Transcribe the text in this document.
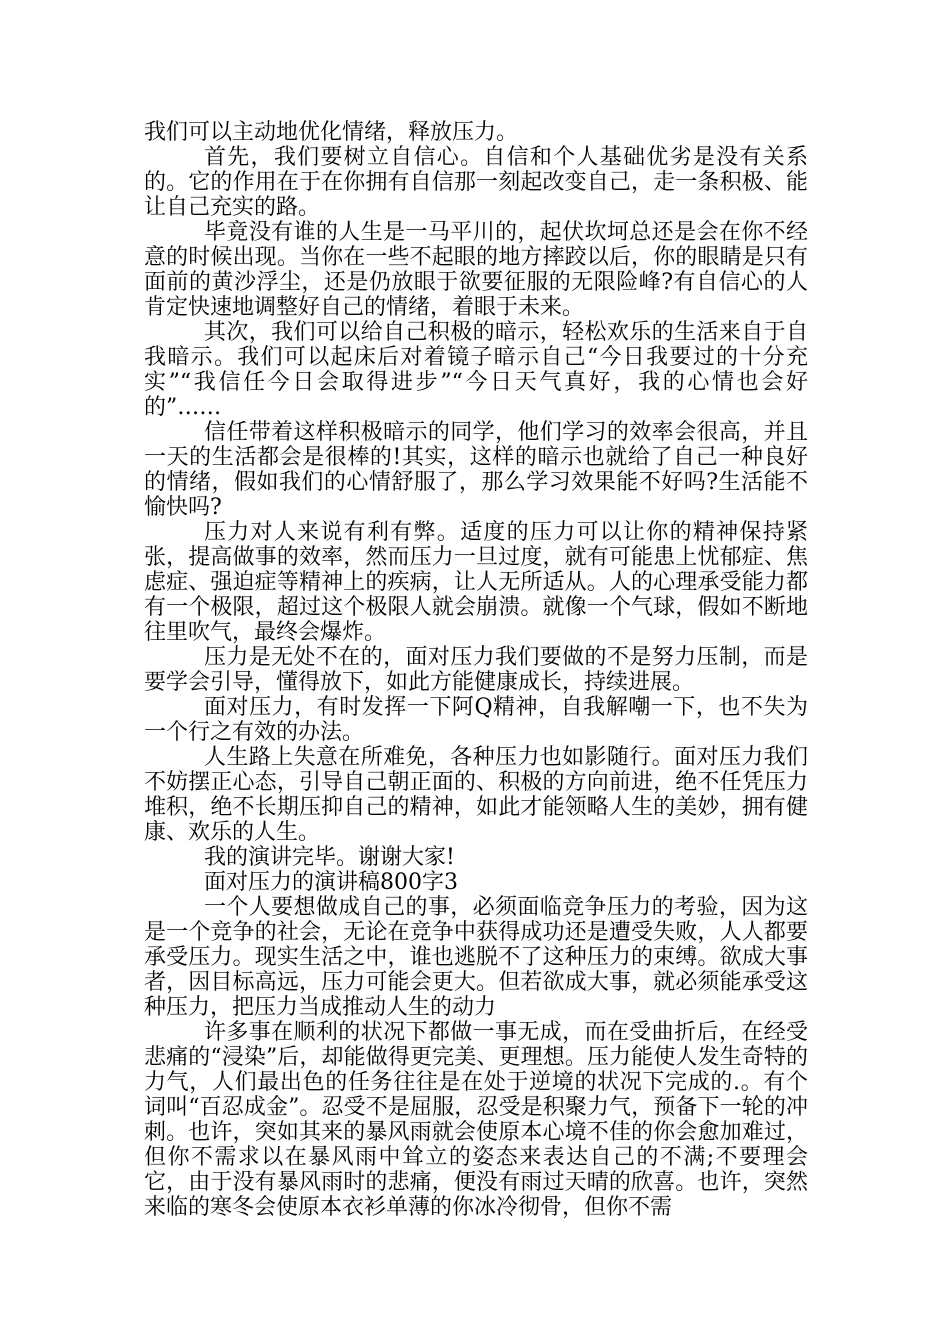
我们可以主动地优化情绪，释放压力。

首先，我们要树立自信心。自信和个人基础优劣是没有关系的。它的作用在于在你拥有自信那一刻起改变自己，走一条积极、能让自己充实的路。

毕竟没有谁的人生是一马平川的，起伏坎坷总还是会在你不经意的时候出现。当你在一些不起眼的地方摔跤以后，你的眼睛是只有面前的黄沙浮尘，还是仍放眼于欲要征服的无限险峰?有自信心的人肯定快速地调整好自己的情绪，着眼于未来。

其次，我们可以给自己积极的暗示，轻松欢乐的生活来自于自我暗示。我们可以起床后对着镜子暗示自己“今日我要过的十分充实”“我信任今日会取得进步”“今日天气真好，我的心情也会好的”……

信任带着这样积极暗示的同学，他们学习的效率会很高，并且一天的生活都会是很棒的!其实，这样的暗示也就给了自己一种良好的情绪，假如我们的心情舒服了，那么学习效果能不好吗?生活能不愉快吗?

压力对人来说有利有弊。适度的压力可以让你的精神保持紧张，提高做事的效率，然而压力一旦过度，就有可能患上忧郁症、焦虑症、强迫症等精神上的疾病，让人无所适从。人的心理承受能力都有一个极限，超过这个极限人就会崩溃。就像一个气球，假如不断地往里吹气，最终会爆炸。

压力是无处不在的，面对压力我们要做的不是努力压制，而是要学会引导，懂得放下，如此方能健康成长，持续进展。

面对压力，有时发挥一下阿Q精神，自我解嘲一下，也不失为一个行之有效的办法。

人生路上失意在所难免，各种压力也如影随行。面对压力我们不妨摆正心态，引导自己朝正面的、积极的方向前进，绝不任凭压力堆积，绝不长期压抑自己的精神，如此才能领略人生的美妙，拥有健康、欢乐的人生。

我的演讲完毕。谢谢大家!

面对压力的演讲稿800字3

一个人要想做成自己的事，必须面临竞争压力的考验，因为这是一个竞争的社会，无论在竞争中获得成功还是遭受失败，人人都要承受压力。现实生活之中，谁也逃脱不了这种压力的束缚。欲成大事者，因目标高远，压力可能会更大。但若欲成大事，就必须能承受这种压力，把压力当成推动人生的动力

许多事在顺利的状况下都做一事无成，而在受曲折后，在经受悲痛的“浸染”后，却能做得更完美、更理想。压力能使人发生奇特的力气，人们最出色的任务往往是在处于逆境的状况下完成的.。有个词叫“百忍成金”。忍受不是屈服，忍受是积聚力气，预备下一轮的冲刺。也许，突如其来的暴风雨就会使原本心境不佳的你会愈加难过，但你不需求以在暴风雨中耸立的姿态来表达自己的不满;不要理会它，由于没有暴风雨时的悲痛，便没有雨过天晴的欣喜。也许，突然来临的寒冬会使原本衣衫单薄的你冰冷彻骨，但你不需
